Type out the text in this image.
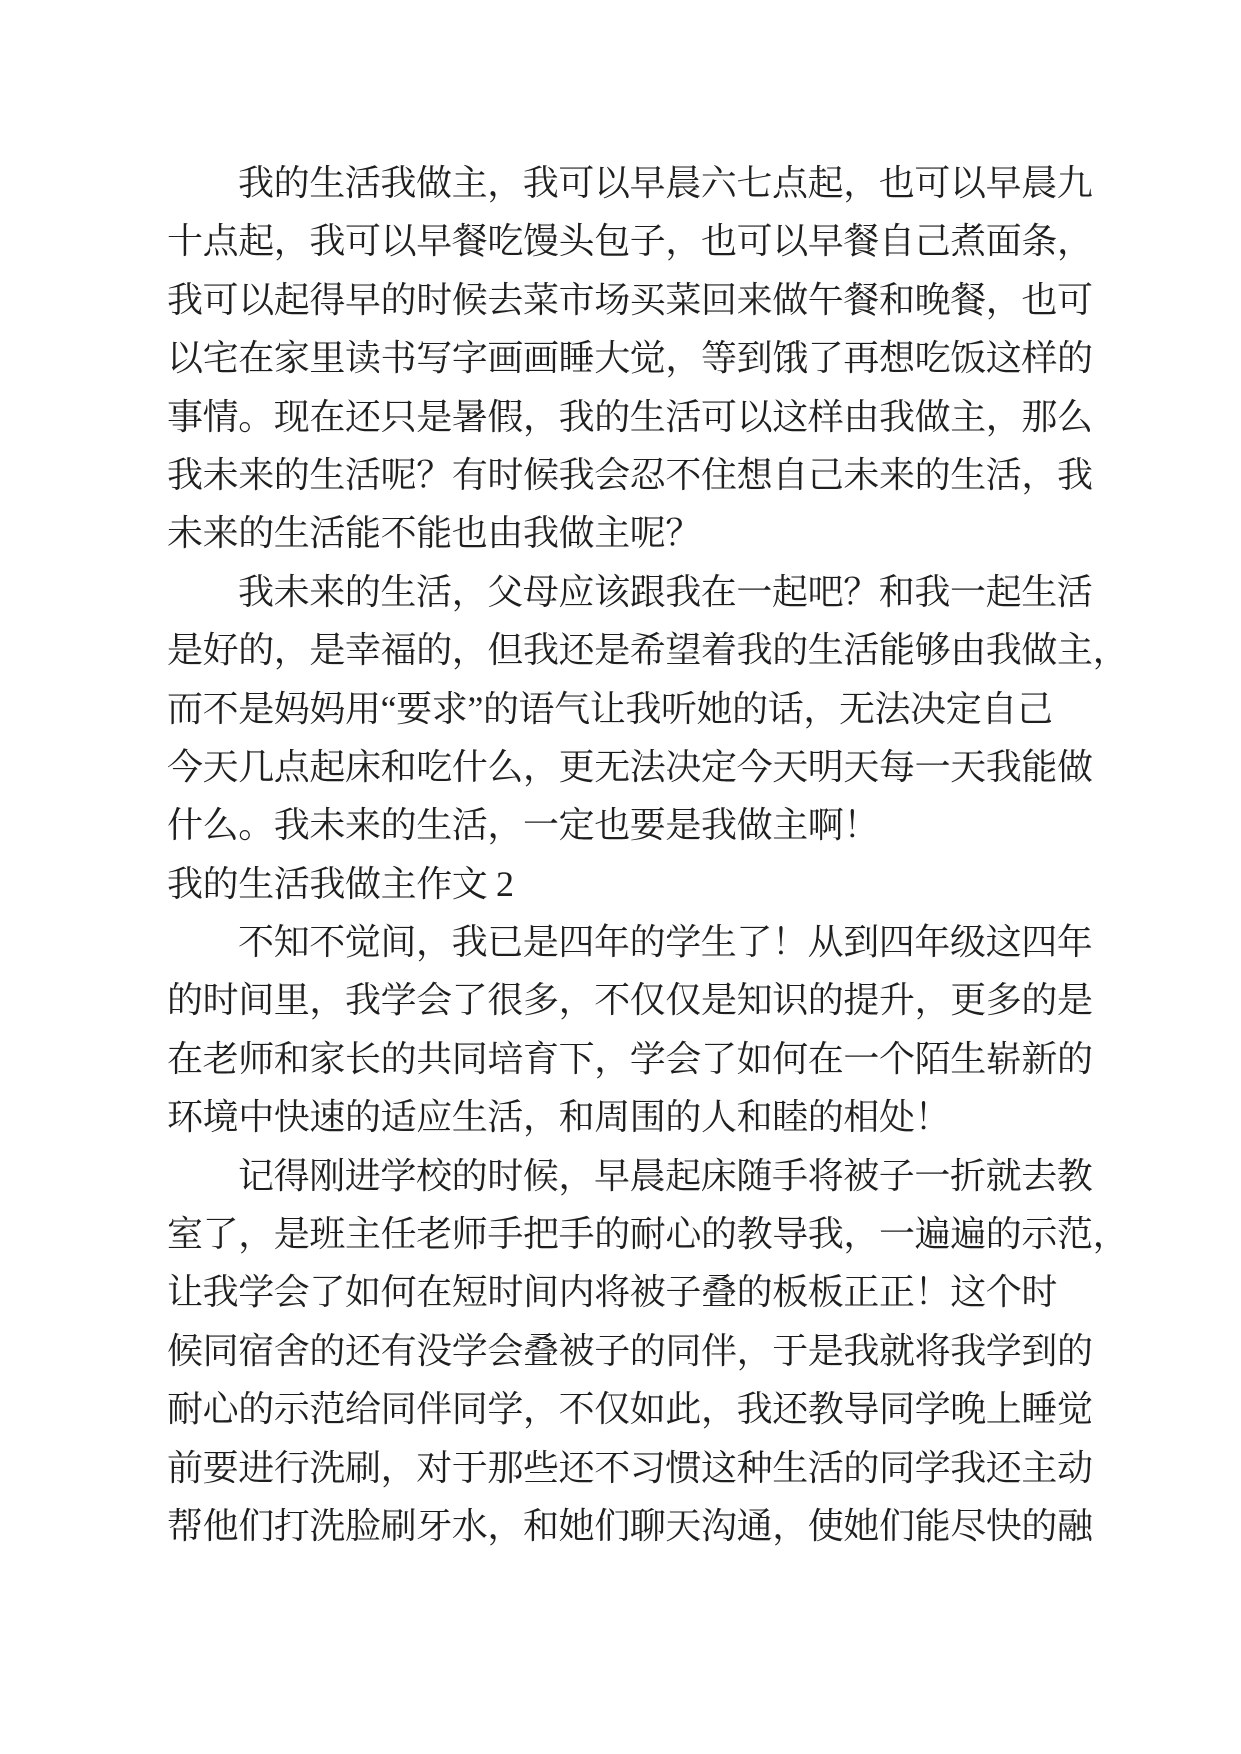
我的生活我做主，我可以早晨六七点起，也可以早晨九
十点起，我可以早餐吃馒头包子，也可以早餐自己煮面条，
我可以起得早的时候去菜市场买菜回来做午餐和晚餐，也可
以宅在家里读书写字画画睡大觉，等到饿了再想吃饭这样的
事情。现在还只是暑假，我的生活可以这样由我做主，那么
我未来的生活呢？有时候我会忍不住想自己未来的生活，我
未来的生活能不能也由我做主呢？
我未来的生活，父母应该跟我在一起吧？和我一起生活
是好的，是幸福的，但我还是希望着我的生活能够由我做主，
而不是妈妈用“要求”的语气让我听她的话，无法决定自己
今天几点起床和吃什么，更无法决定今天明天每一天我能做
什么。我未来的生活，一定也要是我做主啊！
我的生活我做主作文 2
不知不觉间，我已是四年的学生了！从到四年级这四年
的时间里，我学会了很多，不仅仅是知识的提升，更多的是
在老师和家长的共同培育下，学会了如何在一个陌生崭新的
环境中快速的适应生活，和周围的人和睦的相处！
记得刚进学校的时候，早晨起床随手将被子一折就去教
室了，是班主任老师手把手的耐心的教导我，一遍遍的示范，
让我学会了如何在短时间内将被子叠的板板正正！这个时
候同宿舍的还有没学会叠被子的同伴，于是我就将我学到的
耐心的示范给同伴同学，不仅如此，我还教导同学晚上睡觉
前要进行洗刷，对于那些还不习惯这种生活的同学我还主动
帮他们打洗脸刷牙水，和她们聊天沟通，使她们能尽快的融
